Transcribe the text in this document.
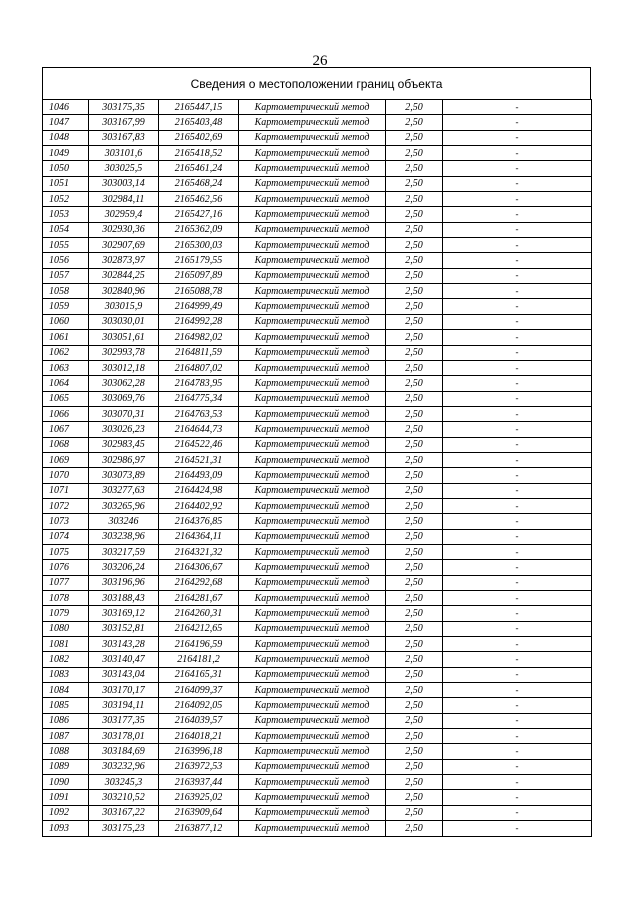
26
Сведения о местоположении границ объекта
1046	303175,35	2165447,15	Картометрический метод	2,50	-
1047	303167,99	2165403,48	Картометрический метод	2,50	-
1048	303167,83	2165402,69	Картометрический метод	2,50	-
1049	303101,6	2165418,52	Картометрический метод	2,50	-
1050	303025,5	2165461,24	Картометрический метод	2,50	-
1051	303003,14	2165468,24	Картометрический метод	2,50	-
1052	302984,11	2165462,56	Картометрический метод	2,50	-
1053	302959,4	2165427,16	Картометрический метод	2,50	-
1054	302930,36	2165362,09	Картометрический метод	2,50	-
1055	302907,69	2165300,03	Картометрический метод	2,50	-
1056	302873,97	2165179,55	Картометрический метод	2,50	-
1057	302844,25	2165097,89	Картометрический метод	2,50	-
1058	302840,96	2165088,78	Картометрический метод	2,50	-
1059	303015,9	2164999,49	Картометрический метод	2,50	-
1060	303030,01	2164992,28	Картометрический метод	2,50	-
1061	303051,61	2164982,02	Картометрический метод	2,50	-
1062	302993,78	2164811,59	Картометрический метод	2,50	-
1063	303012,18	2164807,02	Картометрический метод	2,50	-
1064	303062,28	2164783,95	Картометрический метод	2,50	-
1065	303069,76	2164775,34	Картометрический метод	2,50	-
1066	303070,31	2164763,53	Картометрический метод	2,50	-
1067	303026,23	2164644,73	Картометрический метод	2,50	-
1068	302983,45	2164522,46	Картометрический метод	2,50	-
1069	302986,97	2164521,31	Картометрический метод	2,50	-
1070	303073,89	2164493,09	Картометрический метод	2,50	-
1071	303277,63	2164424,98	Картометрический метод	2,50	-
1072	303265,96	2164402,92	Картометрический метод	2,50	-
1073	303246	2164376,85	Картометрический метод	2,50	-
1074	303238,96	2164364,11	Картометрический метод	2,50	-
1075	303217,59	2164321,32	Картометрический метод	2,50	-
1076	303206,24	2164306,67	Картометрический метод	2,50	-
1077	303196,96	2164292,68	Картометрический метод	2,50	-
1078	303188,43	2164281,67	Картометрический метод	2,50	-
1079	303169,12	2164260,31	Картометрический метод	2,50	-
1080	303152,81	2164212,65	Картометрический метод	2,50	-
1081	303143,28	2164196,59	Картометрический метод	2,50	-
1082	303140,47	2164181,2	Картометрический метод	2,50	-
1083	303143,04	2164165,31	Картометрический метод	2,50	-
1084	303170,17	2164099,37	Картометрический метод	2,50	-
1085	303194,11	2164092,05	Картометрический метод	2,50	-
1086	303177,35	2164039,57	Картометрический метод	2,50	-
1087	303178,01	2164018,21	Картометрический метод	2,50	-
1088	303184,69	2163996,18	Картометрический метод	2,50	-
1089	303232,96	2163972,53	Картометрический метод	2,50	-
1090	303245,3	2163937,44	Картометрический метод	2,50	-
1091	303210,52	2163925,02	Картометрический метод	2,50	-
1092	303167,22	2163909,64	Картометрический метод	2,50	-
1093	303175,23	2163877,12	Картометрический метод	2,50	-
